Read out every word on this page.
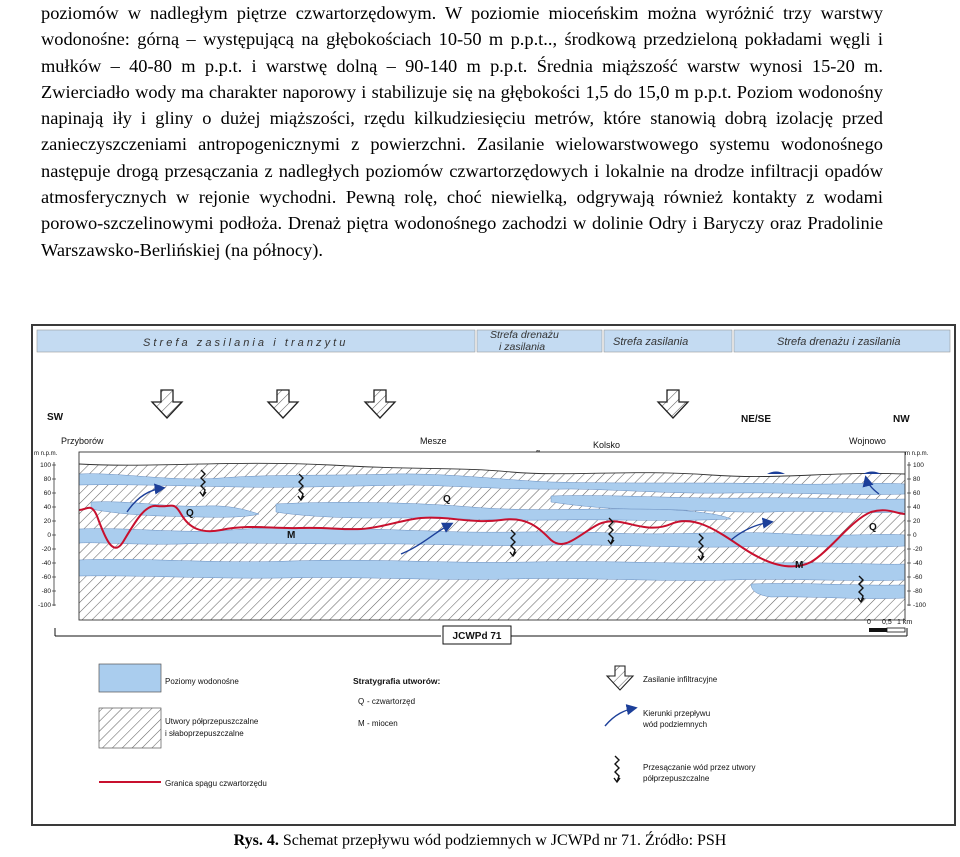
poziomów w nadległym piętrze czwartorzędowym. W poziomie mioceńskim można wyróżnić trzy warstwy wodonośne: górną – występującą na głębokościach 10-50 m p.p.t.., środkową przedzieloną pokładami węgli i mułków – 40-80 m p.p.t. i warstwę dolną – 90-140 m p.p.t. Średnia miąższość warstw wynosi 15-20 m. Zwierciadło wody ma charakter naporowy i stabilizuje się na głębokości 1,5 do 15,0 m p.p.t. Poziom wodonośny napinają iły i gliny o dużej miąższości, rzędu kilkudziesięciu metrów, które stanowią dobrą izolację przed zanieczyszczeniami antropogenicznymi z powierzchni. Zasilanie wielowarstwowego systemu wodonośnego następuje drogą przesączania z nadległych poziomów czwartorzędowych i lokalnie na drodze infiltracji opadów atmosferycznych w rejonie wychodni. Pewną rolę, choć niewielką, odgrywają również kontakty z wodami porowo-szczelinowymi podłoża. Drenaż piętra wodonośnego zachodzi w dolinie Odry i Baryczy oraz Pradolinie Warszawsko-Berlińskiej (na północy).

S t r e f a   z a s i l a n i a   i   t r a n z y t u
Strefa drenażu
i zasilania	Strefa zasilania	Strefa drenażu i zasilania
SW	NE/SE	NW
Przyborów	Mesze	Kolsko	Wojnowo
m n.p.m.
100
80
60
40
20
0
-20
-40
-60
-80
-100
m n.p.m.
100
80
60
40
20
0
-20
-40
-60
-80
-100
Q
M
Q
M
Q
0 0,5 1 km
JCWPd 71
Poziomy wodonośne
Utwory półprzepuszczalne
i słaboprzepuszczalne
Granica spągu czwartorzędu
Stratygrafia utworów:
Q - czwartorzęd
M - miocen
Zasilanie infiltracyjne
Kierunki przepływu
wód podziemnych
Przesączanie wód przez utwory
półprzepuszczalne
Rys. 4. Schemat przepływu wód podziemnych w JCWPd nr 71. Źródło: PSH
